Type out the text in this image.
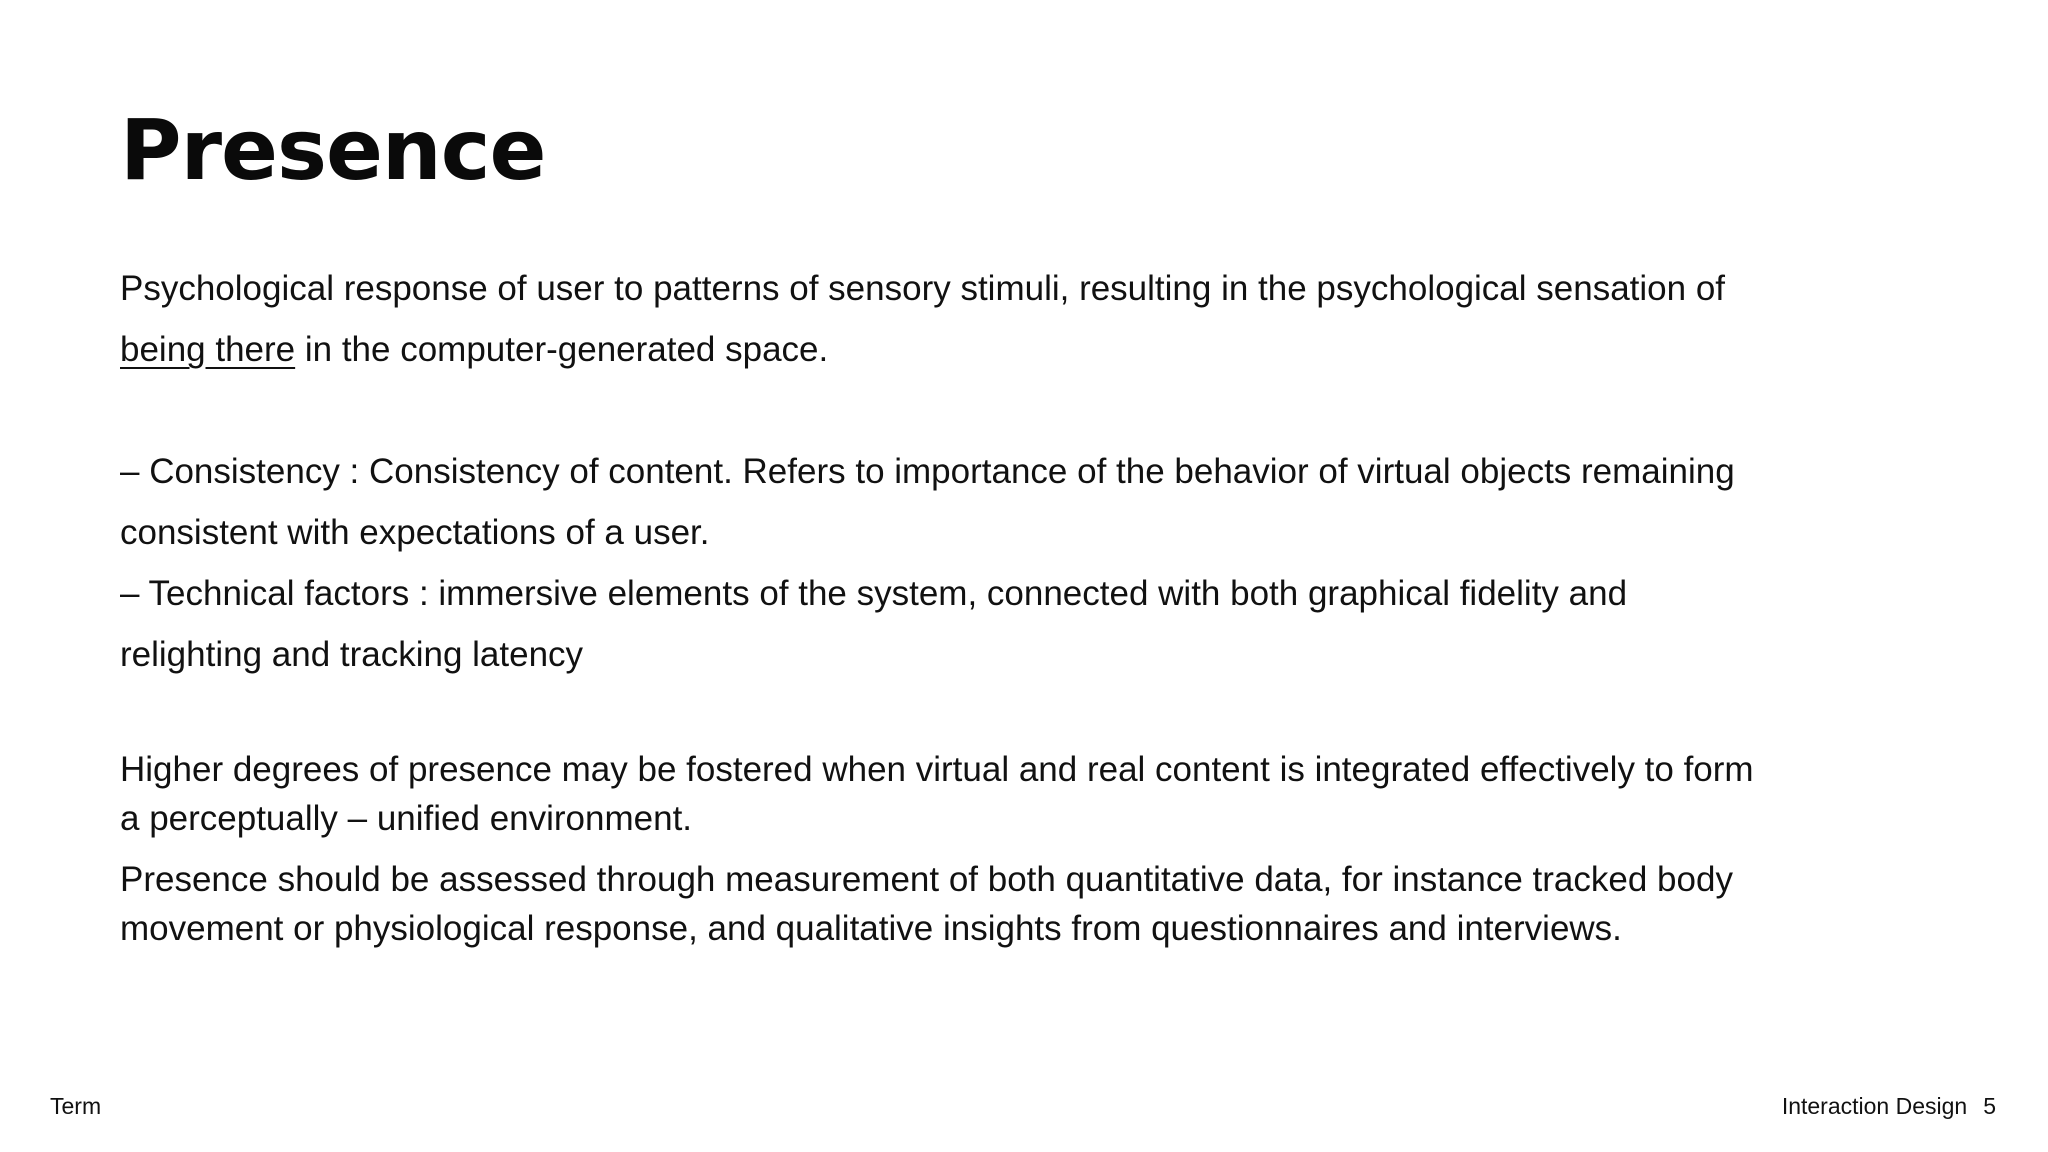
Presence

Psychological response of user to patterns of sensory stimuli, resulting in the psychological sensation of
being there in the computer-generated space.

– Consistency : Consistency of content. Refers to importance of the behavior of virtual objects remaining
consistent with expectations of a user.
– Technical factors : immersive elements of the system, connected with both graphical fidelity and
relighting and tracking latency

Higher degrees of presence may be fostered when virtual and real content is integrated effectively to form
a perceptually – unified environment.

Presence should be assessed through measurement of both quantitative data, for instance tracked body
movement or physiological response, and qualitative insights from questionnaires and interviews.

Term	Interaction Design 5
